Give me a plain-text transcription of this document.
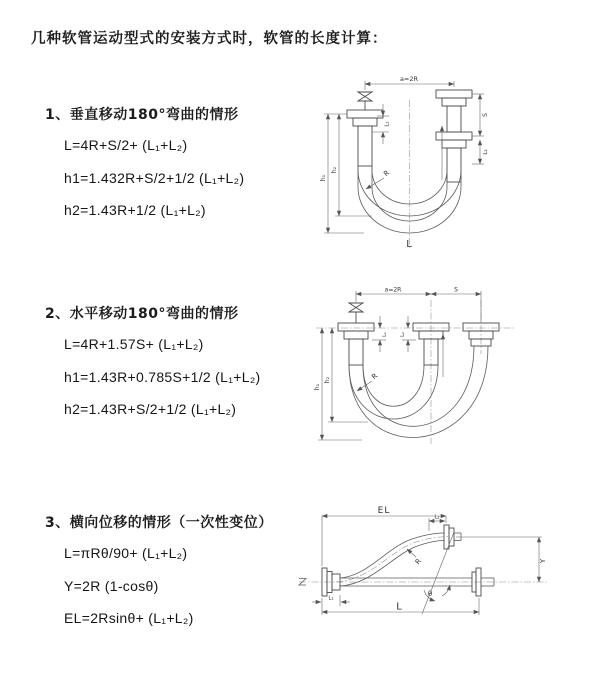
几种软管运动型式的安装方式时，软管的长度计算：
1、垂直移动180°弯曲的情形
L=4R+S/2+ (L₁+L₂)
h1=1.432R+S/2+1/2 (L₁+L₂)
h2=1.43R+1/2 (L₁+L₂)
2、水平移动180°弯曲的情形
L=4R+1.57S+ (L₁+L₂)
h1=1.43R+0.785S+1/2 (L₁+L₂)
h2=1.43R+S/2+1/2 (L₁+L₂)
3、横向位移的情形（一次性变位）
L=πRθ/90+ (L₁+L₂)
Y=2R (1-cosθ)
EL=2Rsinθ+ (L₁+L₂)
a=2R
L₁
S
L₂
h₁
h₂	R
L
a=2R	S
h₁
h₂
L₁ L₂
R
EL
L₂
Y
θ
R
L
L₁
